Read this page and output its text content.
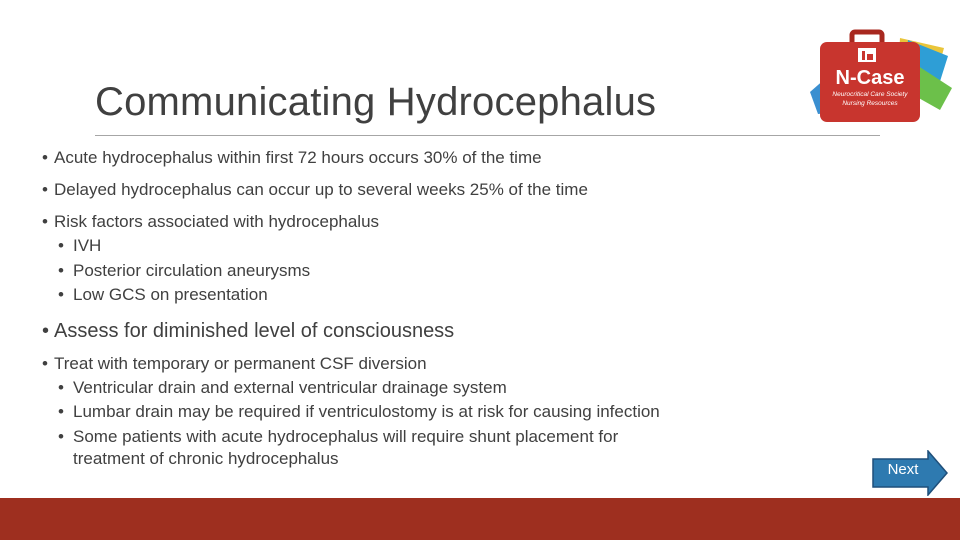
N-Case
Neurocritical Care Society
Nursing Resources
Communicating Hydrocephalus
• Acute hydrocephalus within first 72 hours occurs 30% of the time
• Delayed hydrocephalus can occur up to several weeks 25% of the time
• Risk factors associated with hydrocephalus
• IVH
• Posterior circulation aneurysms
• Low GCS on presentation
• Assess for diminished level of consciousness
• Treat with temporary or permanent CSF diversion
• Ventricular drain and external ventricular drainage system
• Lumbar drain may be required if ventriculostomy is at risk for causing infection
• Some patients with acute hydrocephalus will require shunt placement for
treatment of chronic hydrocephalus
Next
